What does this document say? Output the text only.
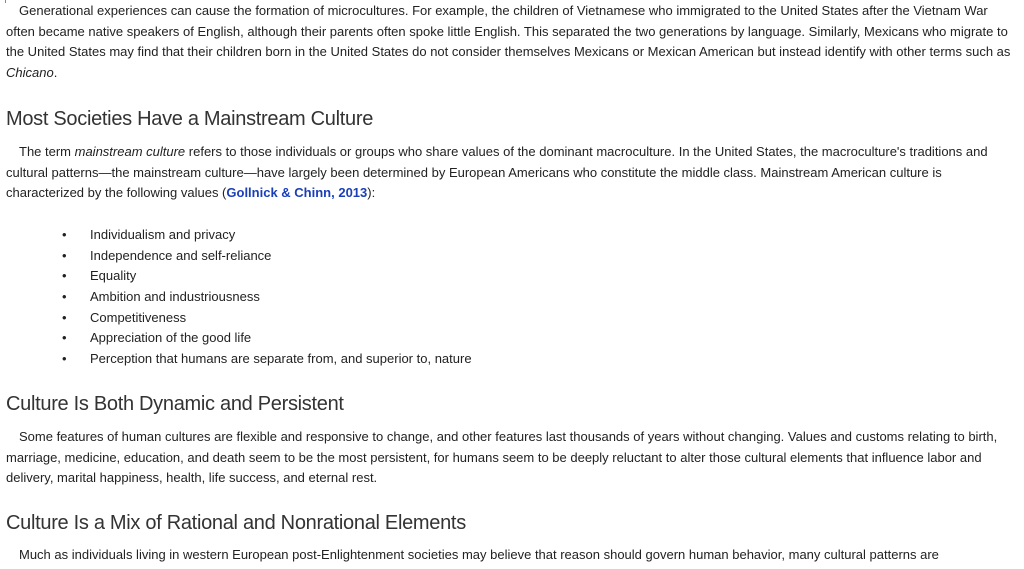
Generational experiences can cause the formation of microcultures. For example, the children of Vietnamese who immigrated to the United States after the Vietnam War often became native speakers of English, although their parents often spoke little English. This separated the two generations by language. Similarly, Mexicans who migrate to the United States may find that their children born in the United States do not consider themselves Mexicans or Mexican American but instead identify with other terms such as Chicano.

Most Societies Have a Mainstream Culture

The term mainstream culture refers to those individuals or groups who share values of the dominant macroculture. In the United States, the macroculture's traditions and cultural patterns—the mainstream culture—have largely been determined by European Americans who constitute the middle class. Mainstream American culture is characterized by the following values (Gollnick & Chinn, 2013):

• Individualism and privacy
• Independence and self-reliance
• Equality
• Ambition and industriousness
• Competitiveness
• Appreciation of the good life
• Perception that humans are separate from, and superior to, nature
Culture Is Both Dynamic and Persistent

Some features of human cultures are flexible and responsive to change, and other features last thousands of years without changing. Values and customs relating to birth, marriage, medicine, education, and death seem to be the most persistent, for humans seem to be deeply reluctant to alter those cultural elements that influence labor and delivery, marital happiness, health, life success, and eternal rest.

Culture Is a Mix of Rational and Nonrational Elements

Much as individuals living in western European post-Enlightenment societies may believe that reason should govern human behavior, many cultural patterns are
